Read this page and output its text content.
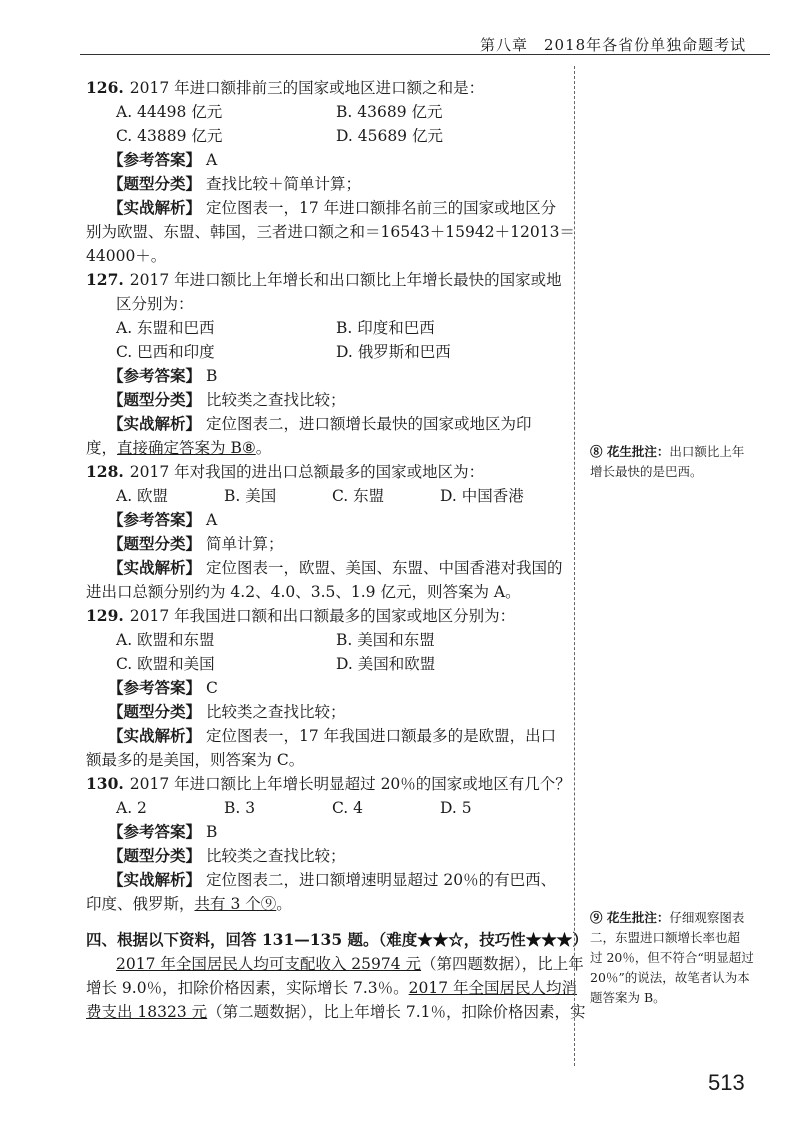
第八章　2018年各省份单独命题考试
126. 2017 年进口额排前三的国家或地区进口额之和是：
A. 44498 亿元	B. 43689 亿元
C. 43889 亿元	D. 45689 亿元
【参考答案】 A
【题型分类】 查找比较＋简单计算；
【实战解析】 定位图表一，17 年进口额排名前三的国家或地区分
别为欧盟、东盟、韩国，三者进口额之和＝16543＋15942＋12013＝
44000＋。
127. 2017 年进口额比上年增长和出口额比上年增长最快的国家或地
区分别为：
A. 东盟和巴西	B. 印度和巴西
C. 巴西和印度	D. 俄罗斯和巴西
【参考答案】 B
【题型分类】 比较类之查找比较；
【实战解析】 定位图表二，进口额增长最快的国家或地区为印
度，直接确定答案为 B⑧。
128. 2017 年对我国的进出口总额最多的国家或地区为：
A. 欧盟	B. 美国	C. 东盟	D. 中国香港
【参考答案】 A
【题型分类】 简单计算；
【实战解析】 定位图表一，欧盟、美国、东盟、中国香港对我国的
进出口总额分别约为 4.2、4.0、3.5、1.9 亿元，则答案为 A。
129. 2017 年我国进口额和出口额最多的国家或地区分别为：
A. 欧盟和东盟	B. 美国和东盟
C. 欧盟和美国	D. 美国和欧盟
【参考答案】 C
【题型分类】 比较类之查找比较；
【实战解析】 定位图表一，17 年我国进口额最多的是欧盟，出口
额最多的是美国，则答案为 C。
130. 2017 年进口额比上年增长明显超过 20％的国家或地区有几个？
A. 2	B. 3	C. 4	D. 5
【参考答案】 B
【题型分类】 比较类之查找比较；
【实战解析】 定位图表二，进口额增速明显超过 20％的有巴西、
印度、俄罗斯，共有 3 个⑨。
四、根据以下资料，回答 131—135 题。（难度★★☆，技巧性★★★）
2017 年全国居民人均可支配收入 25974 元（第四题数据），比上年
增长 9.0％，扣除价格因素，实际增长 7.3％。2017 年全国居民人均消
费支出 18323 元（第二题数据），比上年增长 7.1％，扣除价格因素，实
⑧ 花生批注：出口额比上年
增长最快的是巴西。
⑨ 花生批注：仔细观察图表
二，东盟进口额增长率也超
过 20％，但不符合“明显超过
20％”的说法，故笔者认为本
题答案为 B。
513
